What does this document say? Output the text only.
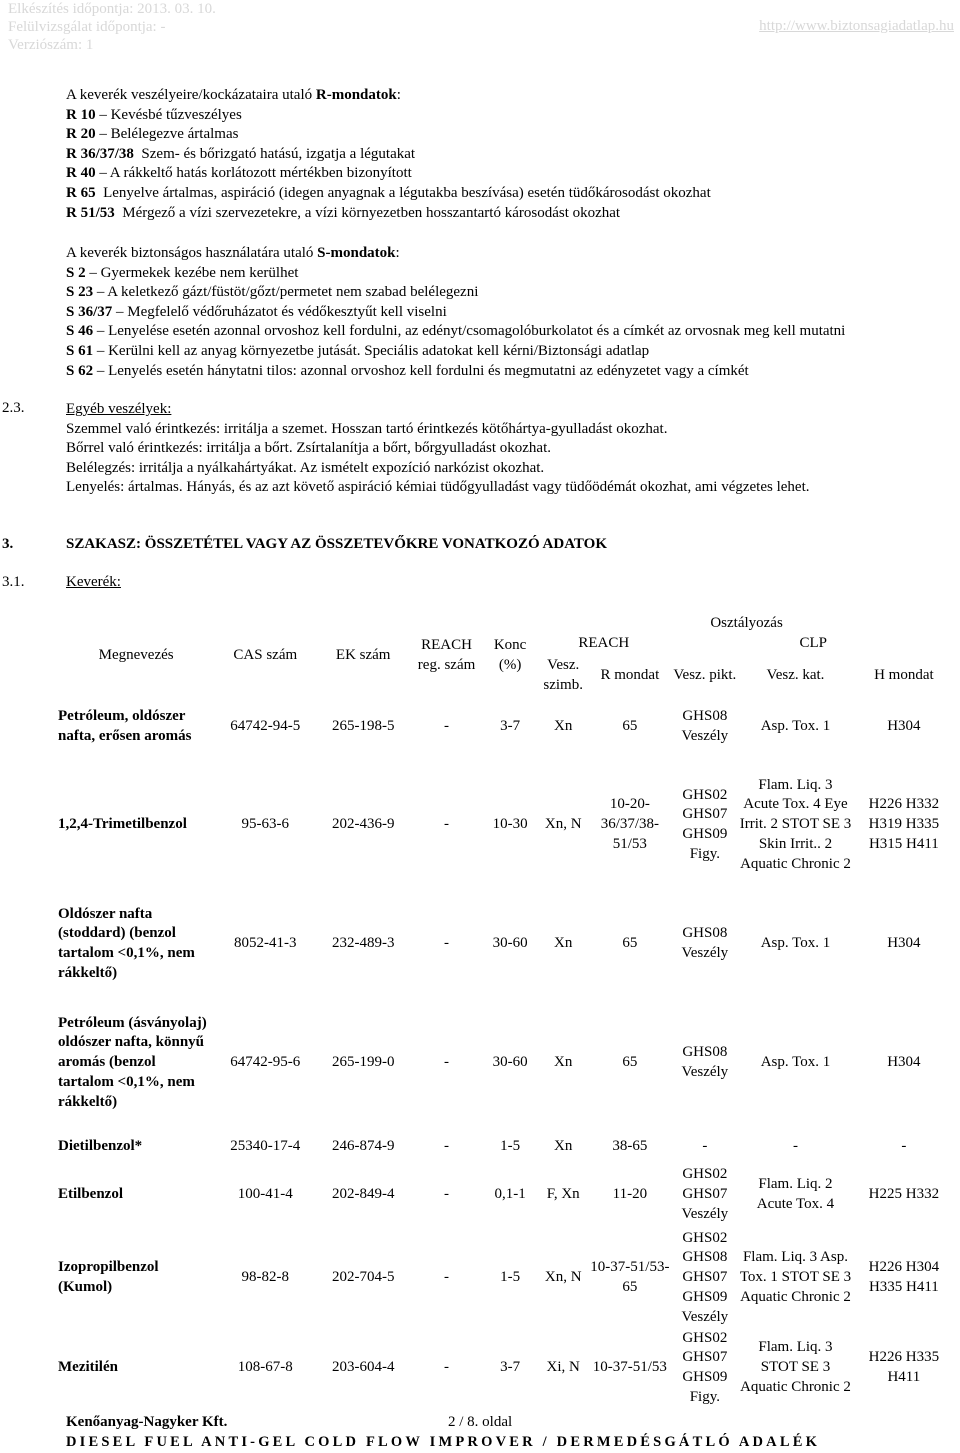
Elkészítés időpontja: 2013. 03. 10.
Felülvizsgálat időpontja: -
Verziószám: 1
http://www.biztonsagiadatlap.hu
A keverék veszélyeire/kockázataira utaló R-mondatok:
R 10 – Kevésbé tűzveszélyes
R 20 – Belélegezve ártalmas
R 36/37/38 Szem- és bőrizgató hatású, izgatja a légutakat
R 40 – A rákkeltő hatás korlátozott mértékben bizonyított
R 65 Lenyelve ártalmas, aspiráció (idegen anyagnak a légutakba beszívása) esetén tüdőkárosodást okozhat
R 51/53 Mérgező a vízi szervezetekre, a vízi környezetben hosszantartó károsodást okozhat
A keverék biztonságos használatára utaló S-mondatok:
S 2 – Gyermekek kezébe nem kerülhet
S 23 – A keletkező gázt/füstöt/gőzt/permetet nem szabad belélegezni
S 36/37 – Megfelelő védőruházatot és védőkesztyűt kell viselni
S 46 – Lenyelése esetén azonnal orvoshoz kell fordulni, az edényt/csomagolóburkolatot és a címkét az orvosnak meg kell mutatni
S 61 – Kerülni kell az anyag környezetbe jutását. Speciális adatokat kell kérni/Biztonsági adatlap
S 62 – Lenyelés esetén hánytatni tilos: azonnal orvoshoz kell fordulni és megmutatni az edényzetet vagy a címkét
2.3.	Egyéb veszélyek:
Szemmel való érintkezés: irritálja a szemet. Hosszan tartó érintkezés kötőhártya-gyulladást okozhat.
Bőrrel való érintkezés: irritálja a bőrt. Zsírtalanítja a bőrt, bőrgyulladást okozhat.
Belélegzés: irritálja a nyálkahártyákat. Az ismételt expozíció narkózist okozhat.
Lenyelés: ártalmas. Hányás, és az azt követő aspiráció kémiai tüdőgyulladást vagy tüdőödémát okozhat, ami végzetes lehet.
3.	SZAKASZ: ÖSSZETÉTEL VAGY AZ ÖSSZETEVŐKRE VONATKOZÓ ADATOK
3.1.	Keverék:
Megnevezés	CAS szám	EK szám	REACH reg. szám	Konc (%)	Osztályozás				
					REACH		CLP		
					Vesz. szimb.	R mondat	Vesz. pikt.	Vesz. kat.	H mondat
Petróleum, oldószer nafta, erősen aromás	64742-94-5	265-198-5	-	3-7	Xn	65	GHS08 Veszély	Asp. Tox. 1	H304
1,2,4-Trimetilbenzol	95-63-6	202-436-9	-	10-30	Xn, N	10-20-36/37/38-51/53	GHS02 GHS07 GHS09 Figy.	Flam. Liq. 3 Acute Tox. 4 Eye Irrit. 2 STOT SE 3 Skin Irrit.. 2 Aquatic Chronic 2	H226 H332 H319 H335 H315 H411
Oldószer nafta (stoddard) (benzol tartalom <0,1%, nem rákkeltő)	8052-41-3	232-489-3	-	30-60	Xn	65	GHS08 Veszély	Asp. Tox. 1	H304
Petróleum (ásványolaj) oldószer nafta, könnyű aromás (benzol tartalom <0,1%, nem rákkeltő)	64742-95-6	265-199-0	-	30-60	Xn	65	GHS08 Veszély	Asp. Tox. 1	H304
Dietilbenzol*	25340-17-4	246-874-9	-	1-5	Xn	38-65	-	-	-
Etilbenzol	100-41-4	202-849-4	-	0,1-1	F, Xn	11-20	GHS02 GHS07 Veszély	Flam. Liq. 2 Acute Tox. 4	H225 H332
Izopropilbenzol (Kumol)	98-82-8	202-704-5	-	1-5	Xn, N	10-37-51/53-65	GHS02 GHS08 GHS07 GHS09 Veszély	Flam. Liq. 3 Asp. Tox. 1 STOT SE 3 Aquatic Chronic 2	H226 H304 H335 H411
Mezitilén	108-67-8	203-604-4	-	3-7	Xi, N	10-37-51/53	GHS02 GHS07 GHS09 Figy.	Flam. Liq. 3 STOT SE 3 Aquatic Chronic 2	H226 H335 H411
Kenőanyag-Nagyker Kft.	2 / 8. oldal
DIESEL FUEL ANTI-GEL COLD FLOW IMPROVER / DERMEDÉSGÁTLÓ ADALÉK
